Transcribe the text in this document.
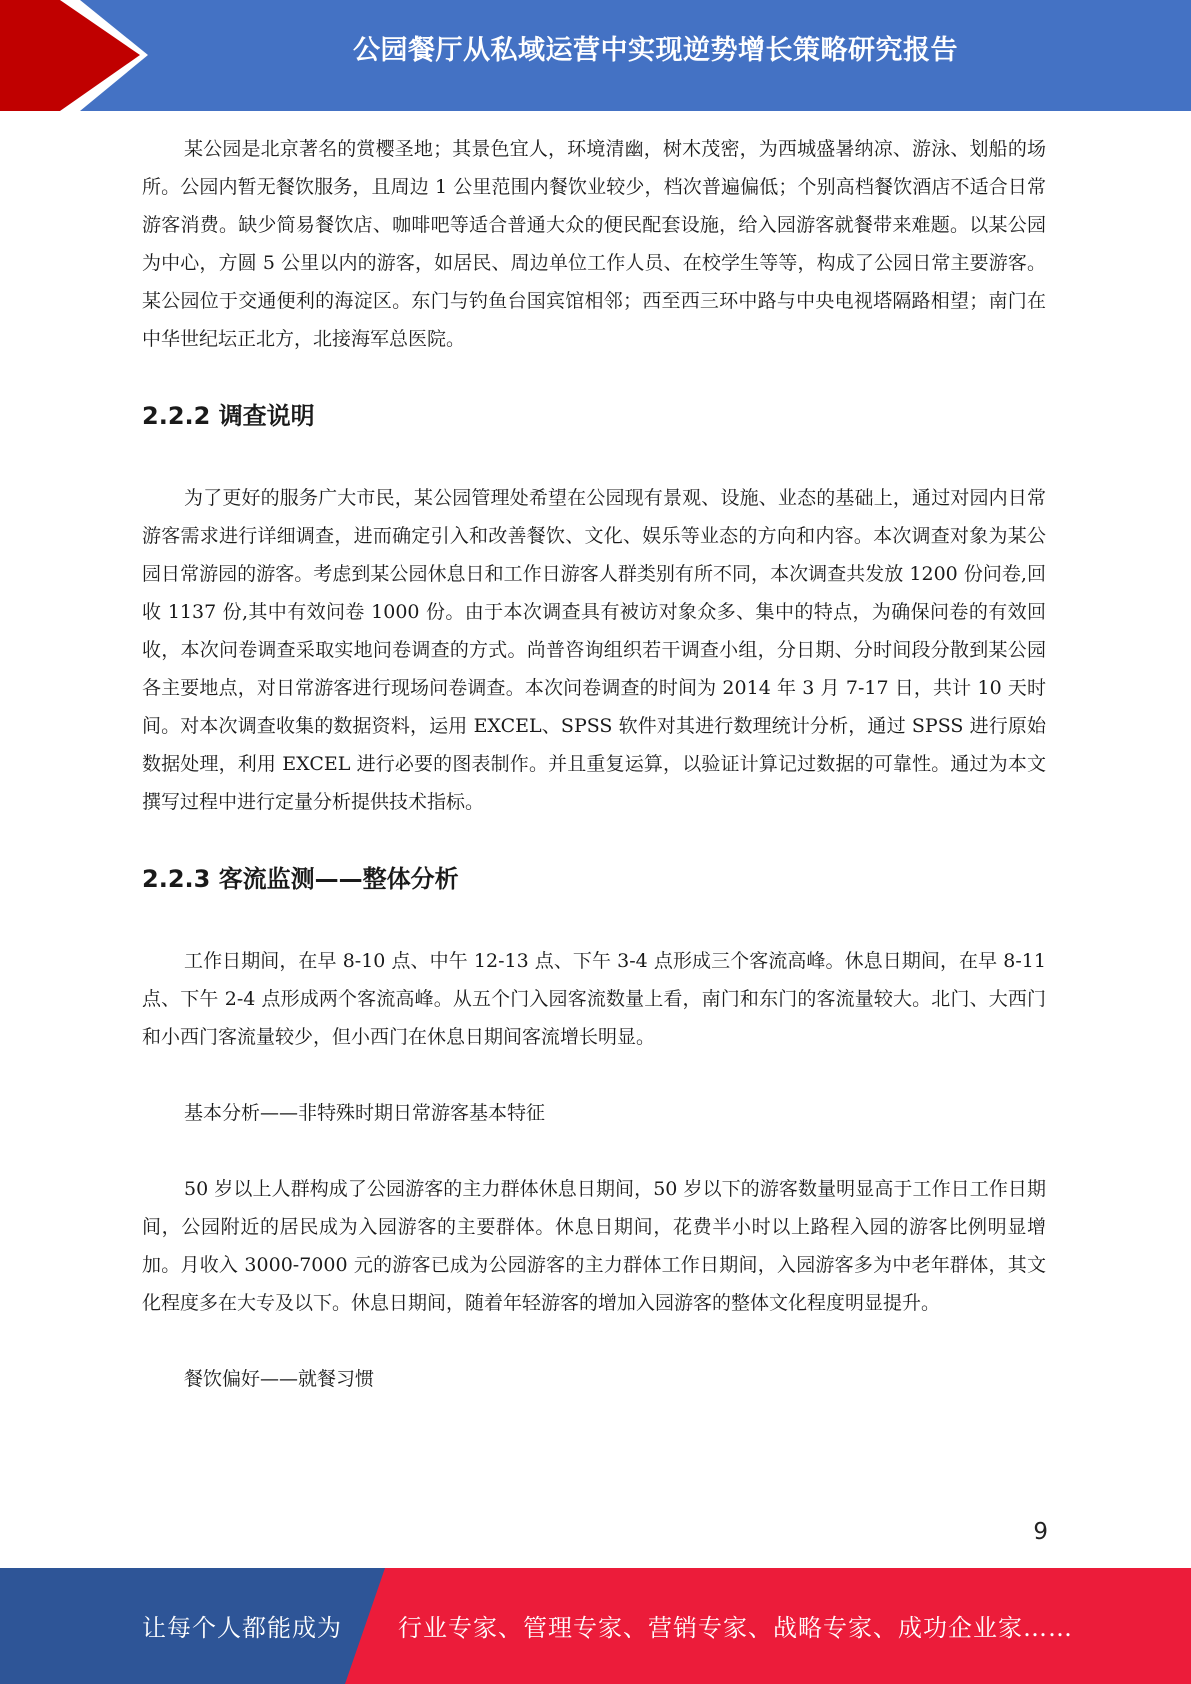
公园餐厅从私域运营中实现逆势增长策略研究报告

某公园是北京著名的赏樱圣地；其景色宜人，环境清幽，树木茂密，为西城盛暑纳凉、游泳、划船的场所。公园内暂无餐饮服务，且周边 1 公里范围内餐饮业较少，档次普遍偏低；个别高档餐饮酒店不适合日常游客消费。缺少简易餐饮店、咖啡吧等适合普通大众的便民配套设施，给入园游客就餐带来难题。以某公园为中心，方圆 5 公里以内的游客，如居民、周边单位工作人员、在校学生等等，构成了公园日常主要游客。某公园位于交通便利的海淀区。东门与钓鱼台国宾馆相邻；西至西三环中路与中央电视塔隔路相望；南门在中华世纪坛正北方，北接海军总医院。

2.2.2 调查说明

为了更好的服务广大市民，某公园管理处希望在公园现有景观、设施、业态的基础上，通过对园内日常游客需求进行详细调查，进而确定引入和改善餐饮、文化、娱乐等业态的方向和内容。本次调查对象为某公园日常游园的游客。考虑到某公园休息日和工作日游客人群类别有所不同，本次调查共发放 1200 份问卷,回收 1137 份,其中有效问卷 1000 份。由于本次调查具有被访对象众多、集中的特点，为确保问卷的有效回收，本次问卷调查采取实地问卷调查的方式。尚普咨询组织若干调查小组，分日期、分时间段分散到某公园各主要地点，对日常游客进行现场问卷调查。本次问卷调查的时间为 2014 年 3 月 7-17 日，共计 10 天时间。对本次调查收集的数据资料，运用 EXCEL、SPSS 软件对其进行数理统计分析，通过 SPSS 进行原始数据处理，利用 EXCEL 进行必要的图表制作。并且重复运算，以验证计算记过数据的可靠性。通过为本文撰写过程中进行定量分析提供技术指标。

2.2.3 客流监测——整体分析

工作日期间，在早 8-10 点、中午 12-13 点、下午 3-4 点形成三个客流高峰。休息日期间，在早 8-11 点、下午 2-4 点形成两个客流高峰。从五个门入园客流数量上看，南门和东门的客流量较大。北门、大西门和小西门客流量较少，但小西门在休息日期间客流增长明显。

基本分析——非特殊时期日常游客基本特征

50 岁以上人群构成了公园游客的主力群体休息日期间，50 岁以下的游客数量明显高于工作日工作日期间，公园附近的居民成为入园游客的主要群体。休息日期间，花费半小时以上路程入园的游客比例明显增加。月收入 3000-7000 元的游客已成为公园游客的主力群体工作日期间，入园游客多为中老年群体，其文化程度多在大专及以下。休息日期间，随着年轻游客的增加入园游客的整体文化程度明显提升。

餐饮偏好——就餐习惯

9
让每个人都能成为 行业专家、管理专家、营销专家、战略专家、成功企业家……
